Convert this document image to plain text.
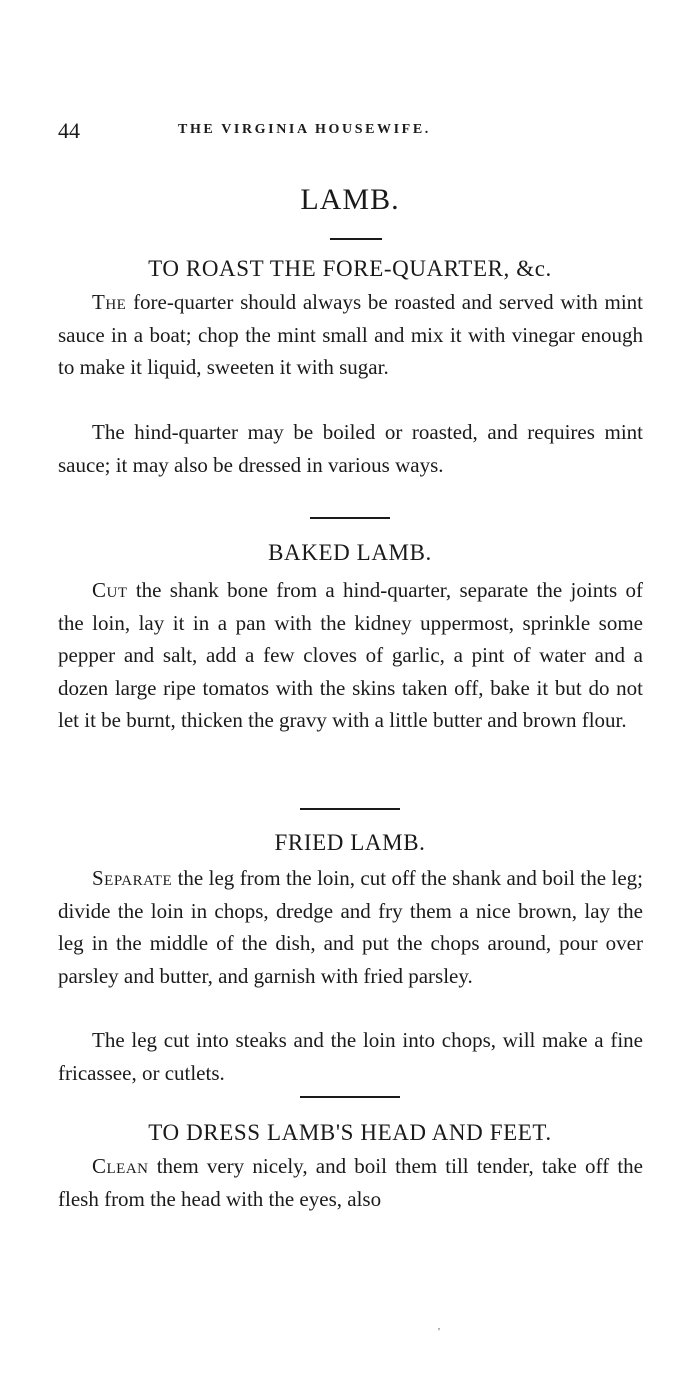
44	THE VIRGINIA HOUSEWIFE.
LAMB.
TO ROAST THE FORE-QUARTER, &c.

The fore-quarter should always be roasted and served with mint sauce in a boat; chop the mint small and mix it with vinegar enough to make it liquid, sweeten it with sugar.

The hind-quarter may be boiled or roasted, and requires mint sauce; it may also be dressed in various ways.

BAKED LAMB.

Cut the shank bone from a hind-quarter, separate the joints of the loin, lay it in a pan with the kidney uppermost, sprinkle some pepper and salt, add a few cloves of garlic, a pint of water and a dozen large ripe tomatos with the skins taken off, bake it but do not let it be burnt, thicken the gravy with a little butter and brown flour.

FRIED LAMB.

Separate the leg from the loin, cut off the shank and boil the leg; divide the loin in chops, dredge and fry them a nice brown, lay the leg in the middle of the dish, and put the chops around, pour over parsley and butter, and garnish with fried parsley.

The leg cut into steaks and the loin into chops, will make a fine fricassee, or cutlets.

TO DRESS LAMB'S HEAD AND FEET.

Clean them very nicely, and boil them till tender, take off the flesh from the head with the eyes, also

'
